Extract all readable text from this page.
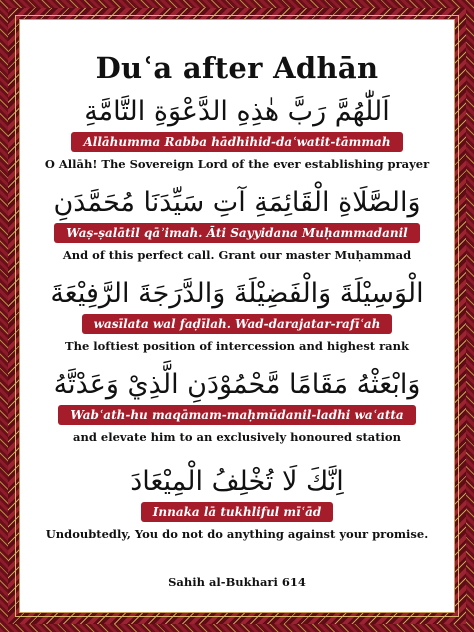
Duʿa after Adhān
اَللّٰهُمَّ رَبَّ هٰذِهِ الدَّعْوَةِ التَّامَّةِ
Allāhumma Rabba hādhihid-daʿwatit-tāmmah
O Allāh! The Sovereign Lord of the ever establishing prayer
وَالصَّلَاةِ الْقَائِمَةِ آتِ سَيِّدَنَا مُحَمَّدَنِ
Waṣ-ṣalātil qāʾimah. Āti Sayyidana Muḥammadanil
And of this perfect call. Grant our master Muḥammad
الْوَسِيْلَةَ وَالْفَضِيْلَةَ وَالدَّرَجَةَ الرَّفِيْعَةَ
wasīlata wal faḍīlah. Wad-darajatar-rafīʿah
The loftiest position of intercession and highest rank
وَابْعَثْهُ مَقَامًا مَّحْمُوْدَنِ الَّذِيْ وَعَدْتَّهُ
Wabʿath-hu maqāmam-maḥmūdanil-ladhi waʿatta
and elevate him to an exclusively honoured station
اِنَّكَ لَا تُخْلِفُ الْمِيْعَادَ
Innaka lā tukhliful mīʿād
Undoubtedly, You do not do anything against your promise.
Sahih al-Bukhari 614
